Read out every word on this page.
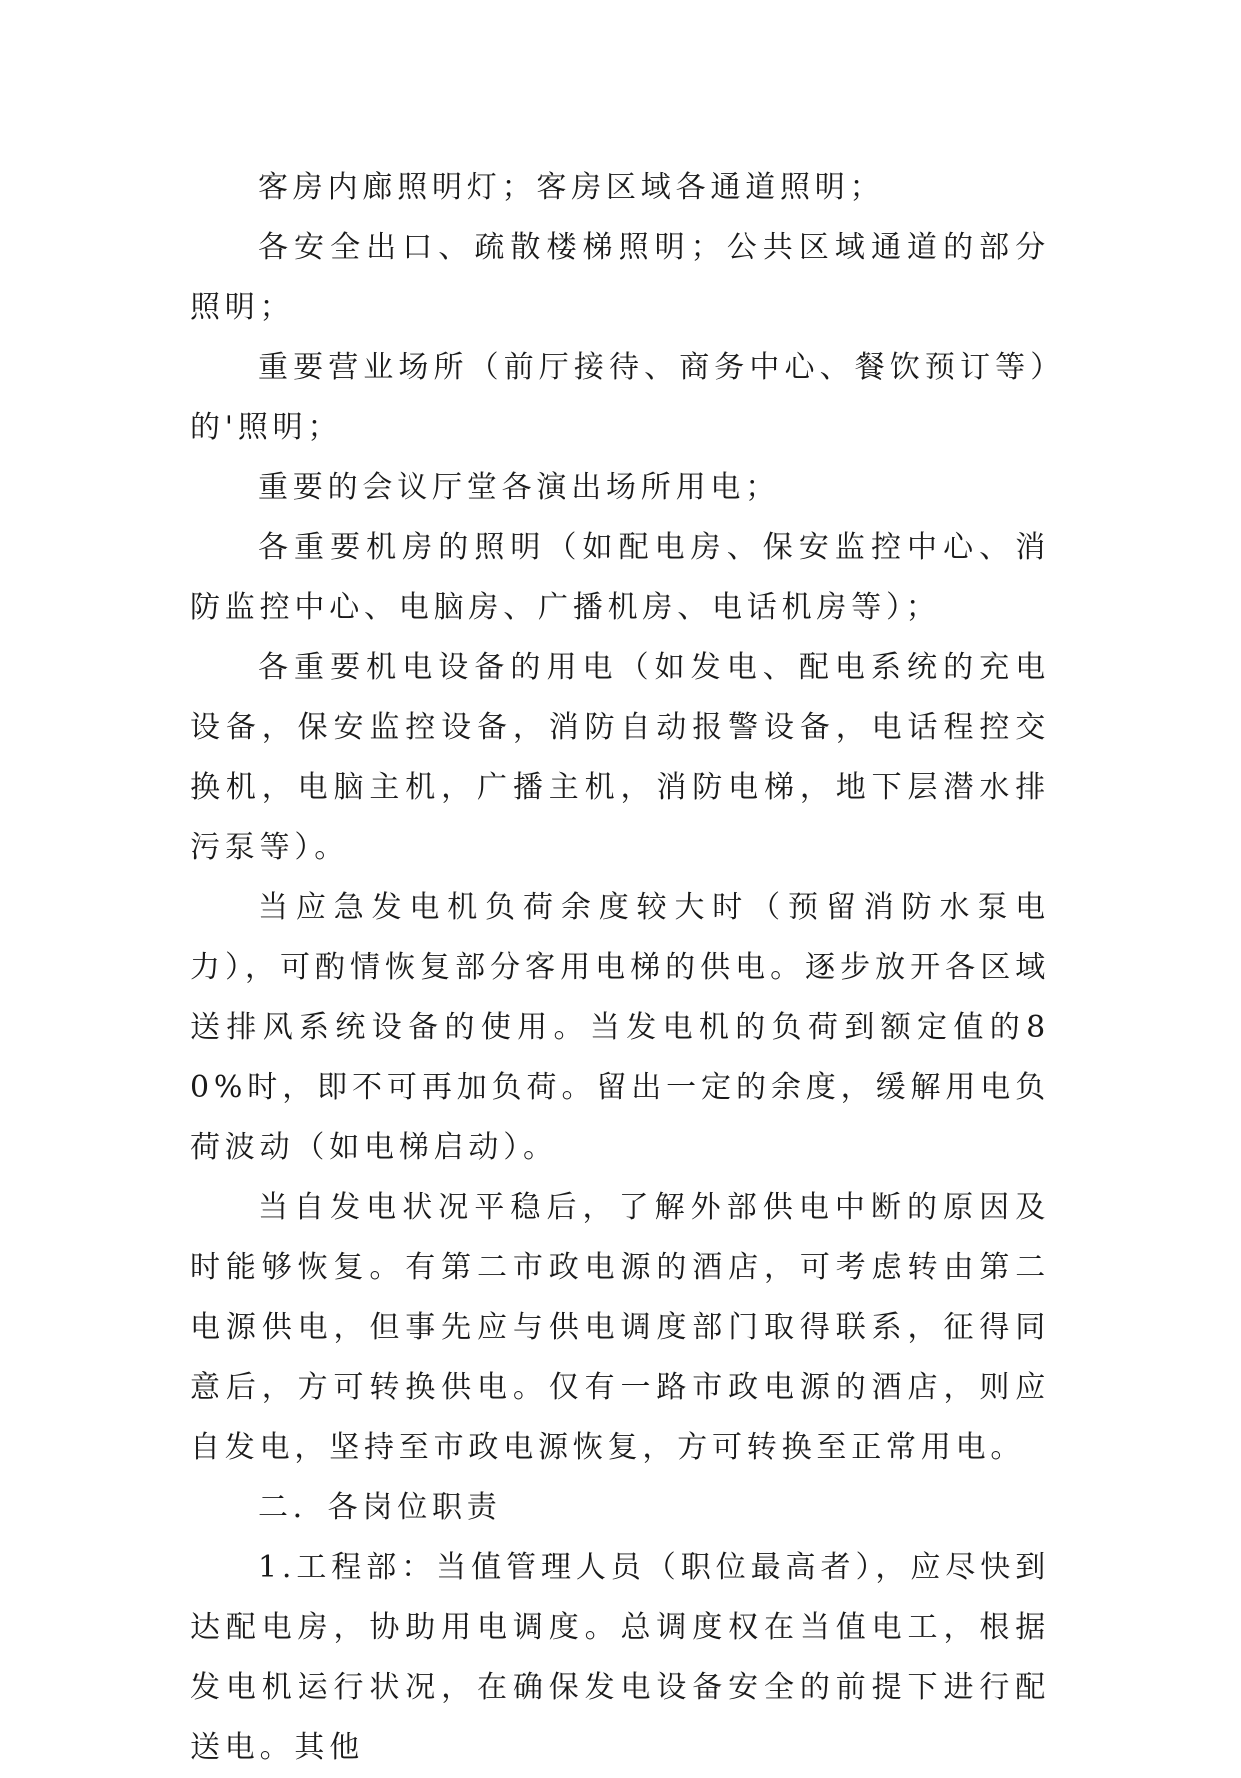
客房内廊照明灯；客房区域各通道照明；

各安全出口、疏散楼梯照明；公共区域通道的部分照明；

重要营业场所（前厅接待、商务中心、餐饮预订等）的'照明；

重要的会议厅堂各演出场所用电；

各重要机房的照明（如配电房、保安监控中心、消防监控中心、电脑房、广播机房、电话机房等）；

各重要机电设备的用电（如发电、配电系统的充电设备，保安监控设备，消防自动报警设备，电话程控交换机，电脑主机，广播主机，消防电梯，地下层潜水排污泵等）。

当应急发电机负荷余度较大时（预留消防水泵电力），可酌情恢复部分客用电梯的供电。逐步放开各区域送排风系统设备的使用。当发电机的负荷到额定值的80%时，即不可再加负荷。留出一定的余度，缓解用电负荷波动（如电梯启动）。

当自发电状况平稳后，了解外部供电中断的原因及时能够恢复。有第二市政电源的酒店，可考虑转由第二电源供电，但事先应与供电调度部门取得联系，征得同意后，方可转换供电。仅有一路市政电源的酒店，则应自发电，坚持至市政电源恢复，方可转换至正常用电。

二．各岗位职责

1.工程部：当值管理人员（职位最高者），应尽快到达配电房，协助用电调度。总调度权在当值电工，根据发电机运行状况，在确保发电设备安全的前提下进行配送电。其他
